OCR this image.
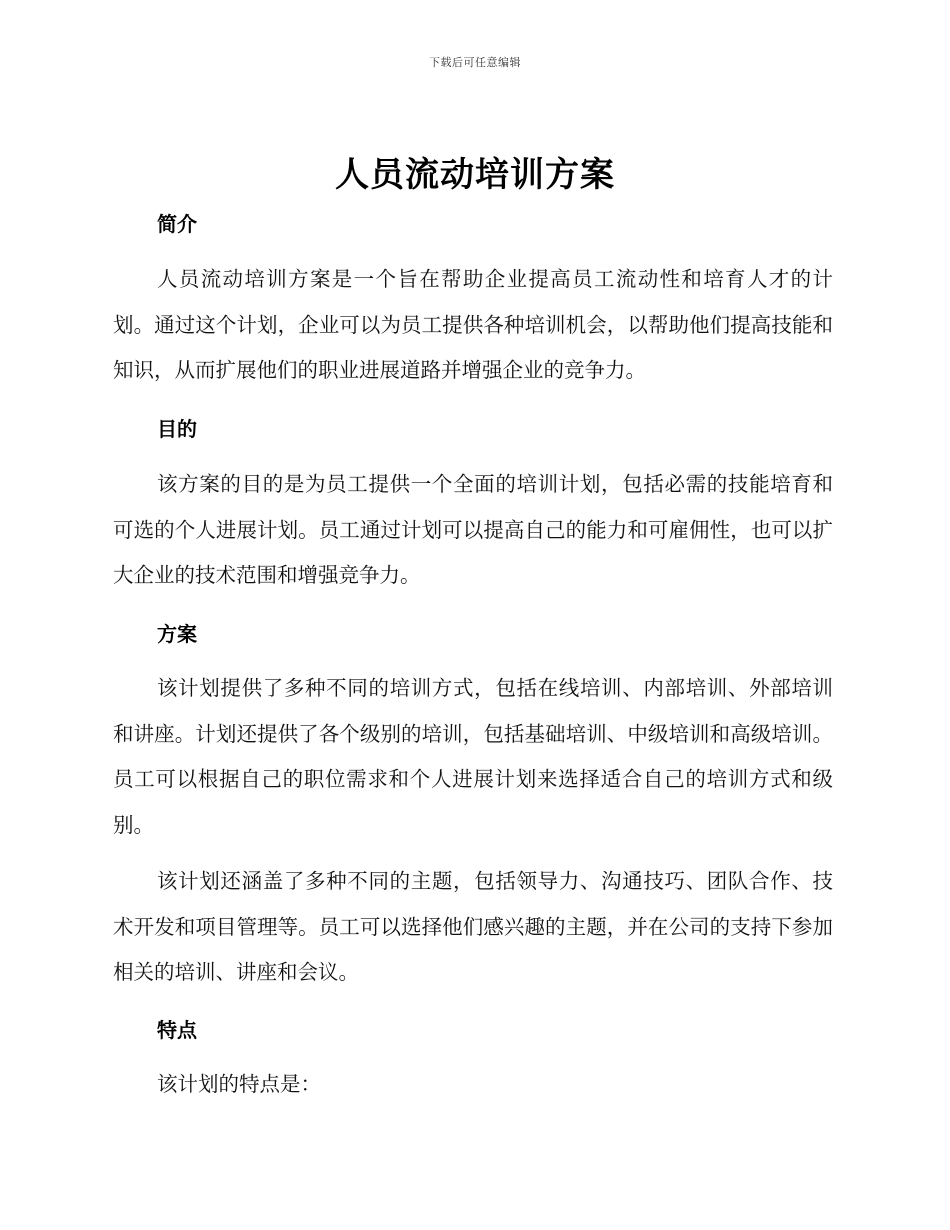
下载后可任意编辑
人员流动培训方案
简介

人员流动培训方案是一个旨在帮助企业提高员工流动性和培育人才的计划。通过这个计划，企业可以为员工提供各种培训机会，以帮助他们提高技能和知识，从而扩展他们的职业进展道路并增强企业的竞争力。

目的

该方案的目的是为员工提供一个全面的培训计划，包括必需的技能培育和可选的个人进展计划。员工通过计划可以提高自己的能力和可雇佣性，也可以扩大企业的技术范围和增强竞争力。

方案

该计划提供了多种不同的培训方式，包括在线培训、内部培训、外部培训和讲座。计划还提供了各个级别的培训，包括基础培训、中级培训和高级培训。员工可以根据自己的职位需求和个人进展计划来选择适合自己的培训方式和级别。

该计划还涵盖了多种不同的主题，包括领导力、沟通技巧、团队合作、技术开发和项目管理等。员工可以选择他们感兴趣的主题，并在公司的支持下参加相关的培训、讲座和会议。

特点

该计划的特点是：
